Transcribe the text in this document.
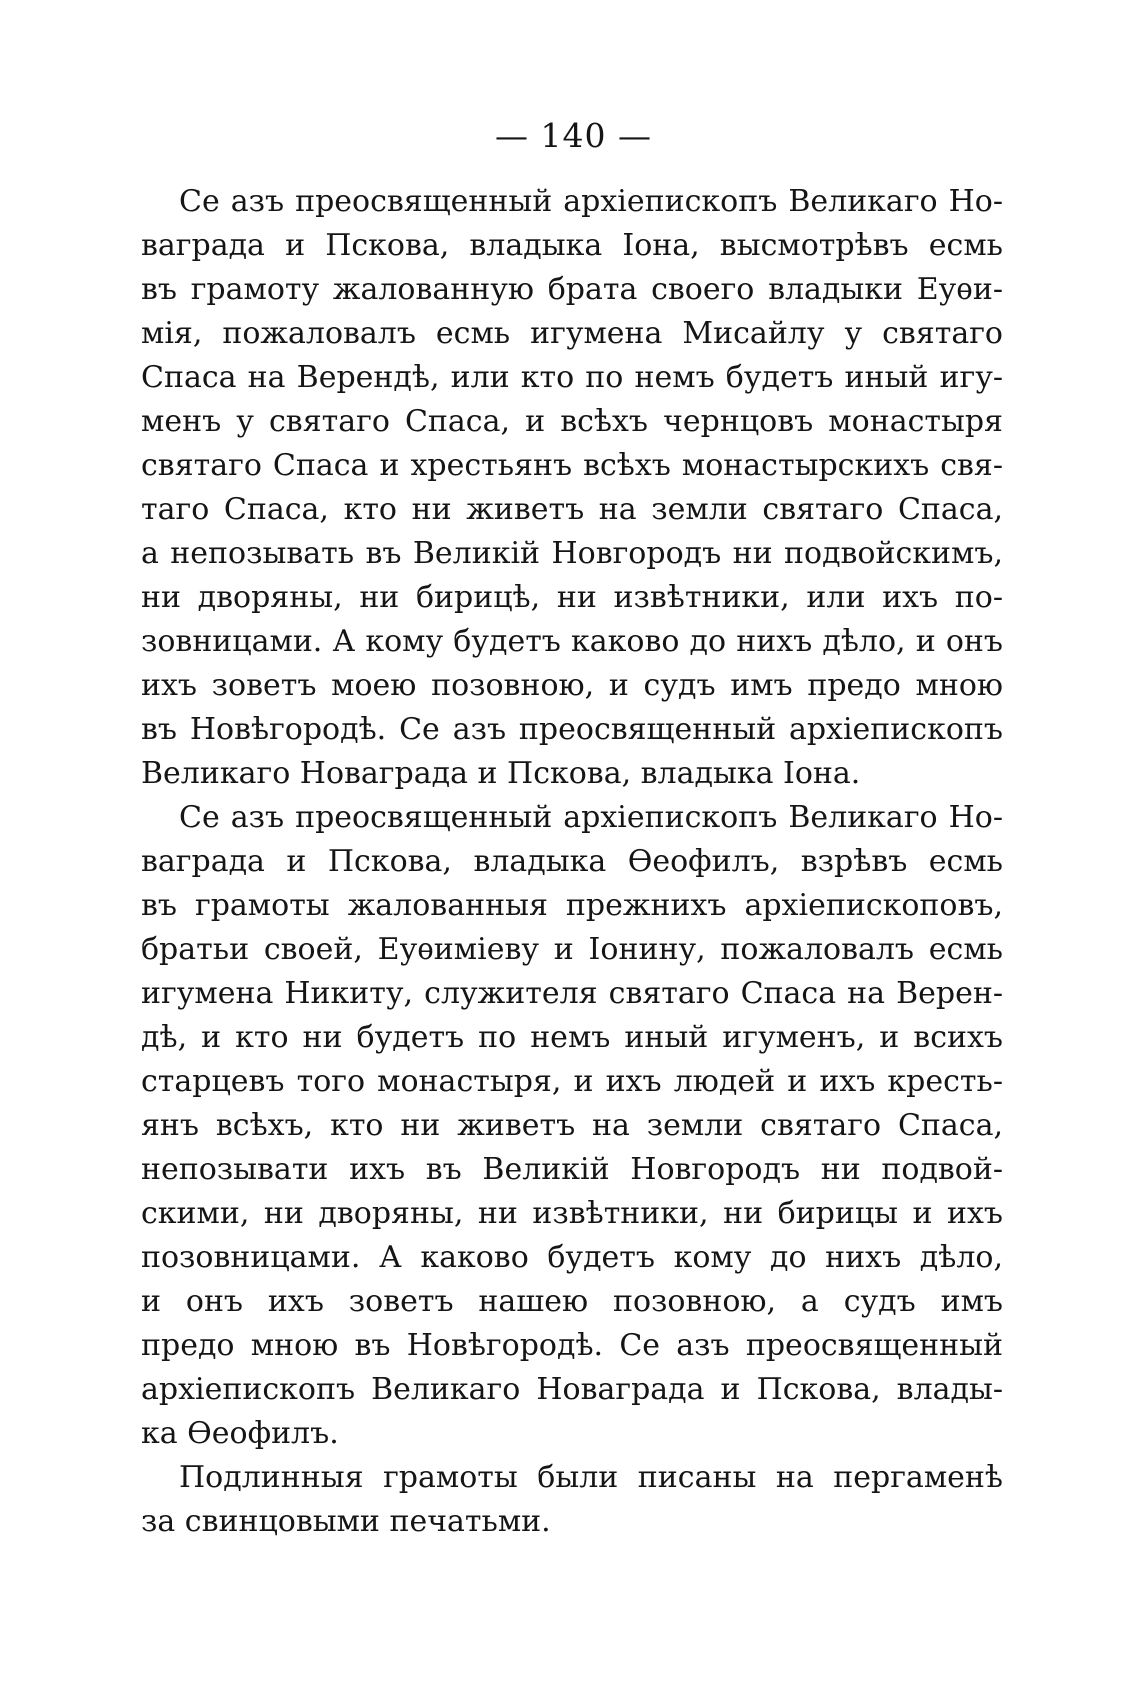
— 140 —
Се азъ преосвященный архіепископъ Великаго Но-
ваграда и Пскова, владыка Іона, высмотрѣвъ есмь
въ грамоту жалованную брата своего владыки Еуѳи-
мія, пожаловалъ есмь игумена Мисайлу у святаго
Спаса на Верендѣ, или кто по немъ будетъ иный игу-
менъ у святаго Спаса, и всѣхъ чернцовъ монастыря
святаго Спаса и хрестьянъ всѣхъ монастырскихъ свя-
таго Спаса, кто ни живетъ на земли святаго Спаса,
а непозывать въ Великій Новгородъ ни подвойскимъ,
ни дворяны, ни бирицѣ, ни извѣтники, или ихъ по-
зовницами. А кому будетъ каково до нихъ дѣло, и онъ
ихъ зоветъ моею позовною, и судъ имъ предо мною
въ Новѣгородѣ. Се азъ преосвященный архіепископъ
Великаго Новаграда и Пскова, владыка Іона.
Се азъ преосвященный архіепископъ Великаго Но-
ваграда и Пскова, владыка Ѳеофилъ, взрѣвъ есмь
въ грамоты жалованныя прежнихъ архіепископовъ,
братьи своей, Еуѳиміеву и Іонину, пожаловалъ есмь
игумена Никиту, служителя святаго Спаса на Верен-
дѣ, и кто ни будетъ по немъ иный игуменъ, и всихъ
старцевъ того монастыря, и ихъ людей и ихъ кресть-
янъ всѣхъ, кто ни живетъ на земли святаго Спаса,
непозывати ихъ въ Великій Новгородъ ни подвой-
скими, ни дворяны, ни извѣтники, ни бирицы и ихъ
позовницами. А каково будетъ кому до нихъ дѣло,
и онъ ихъ зоветъ нашею позовною, а судъ имъ
предо мною въ Новѣгородѣ. Се азъ преосвященный
архіепископъ Великаго Новаграда и Пскова, влады-
ка Ѳеофилъ.
Подлинныя грамоты были писаны на пергаменѣ
за свинцовыми печатьми.
